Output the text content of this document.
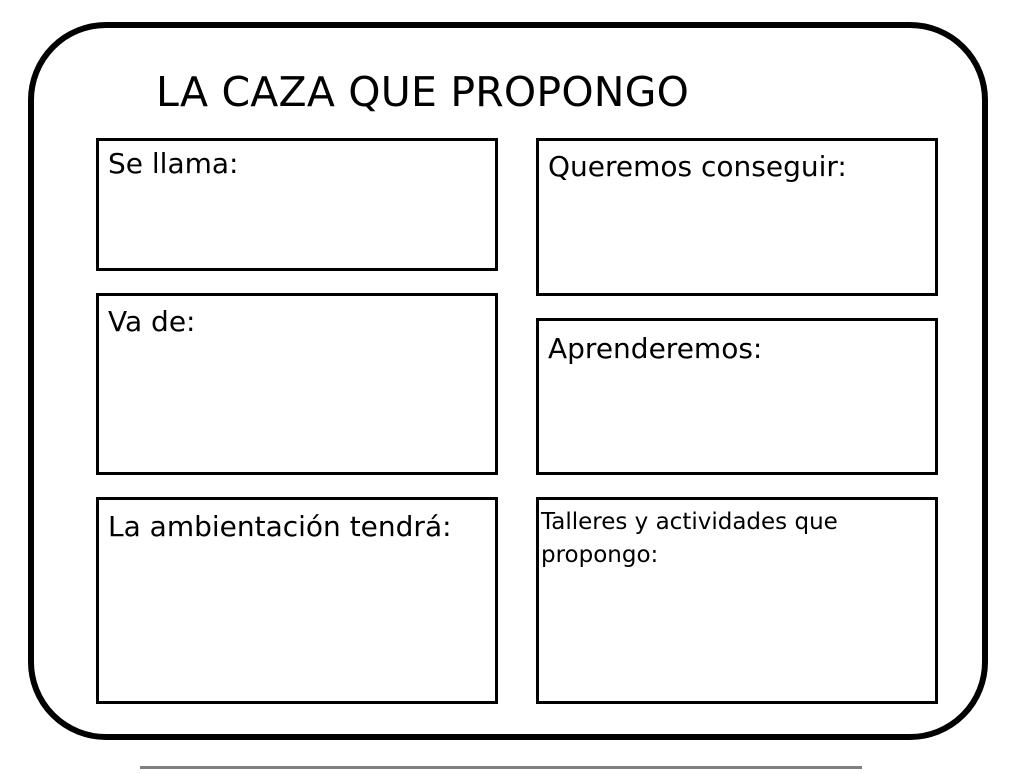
LA CAZA QUE PROPONGO
Se llama:
Va de:
La ambientación tendrá:
Queremos conseguir:
Aprenderemos:
Talleres y actividades que propongo:
